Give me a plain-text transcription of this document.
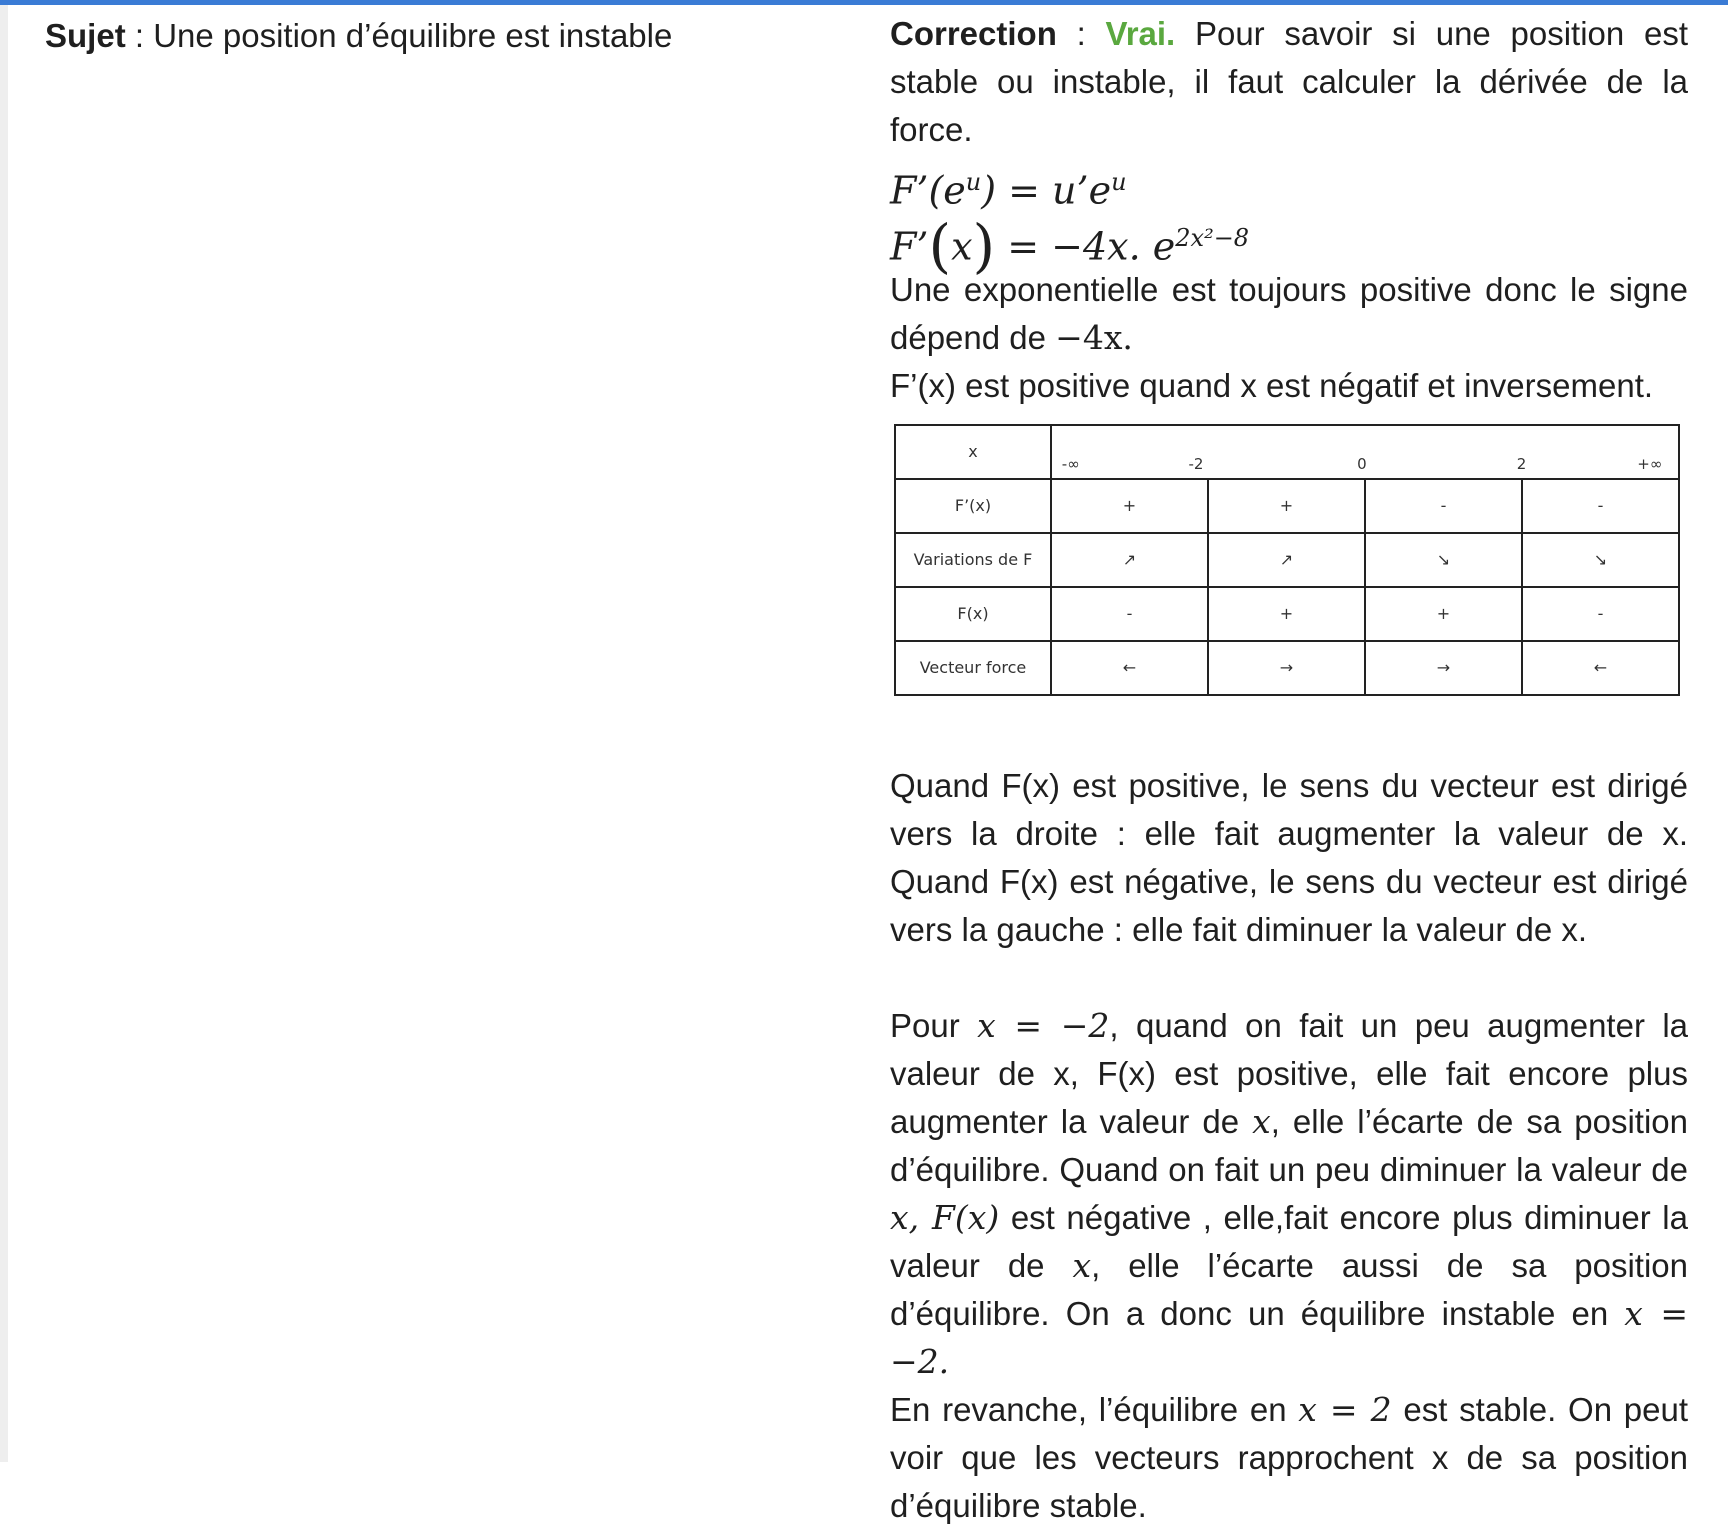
Sujet : Une position d’équilibre est instable	Correction : Vrai. Pour savoir si une position est stable ou instable, il faut calculer la dérivée de la force.

$F’(e^u)$ = $u’e^u$
F’(x) = −4x. $e^{2x^2-8}$

Une exponentielle est toujours positive donc le signe dépend de −4x.

F’(x) est positive quand x est négatif et inversement.

x	-∞ -2 0 2 +∞			

F’(x)	+	+	-	-
Variations de F	↗	↗	↘	↘
F(x)	-	+	+	-
Vecteur force	←	→	→	←

Quand F(x) est positive, le sens du vecteur est dirigé vers la droite : elle fait augmenter la valeur de x. Quand F(x) est négative, le sens du vecteur est dirigé vers la gauche : elle fait diminuer la valeur de x.

Pour x = −2, quand on fait un peu augmenter la valeur de x, F(x) est positive, elle fait encore plus augmenter la valeur de x, elle l’écarte de sa position d’équilibre. Quand on fait un peu diminuer la valeur de x, F(x) est négative , elle,fait encore plus diminuer la valeur de x, elle l’écarte aussi de sa position d’équilibre. On a donc un équilibre instable en x = −2.

En revanche, l’équilibre en x = 2 est stable. On peut voir que les vecteurs rapprochent x de sa position d’équilibre stable.
